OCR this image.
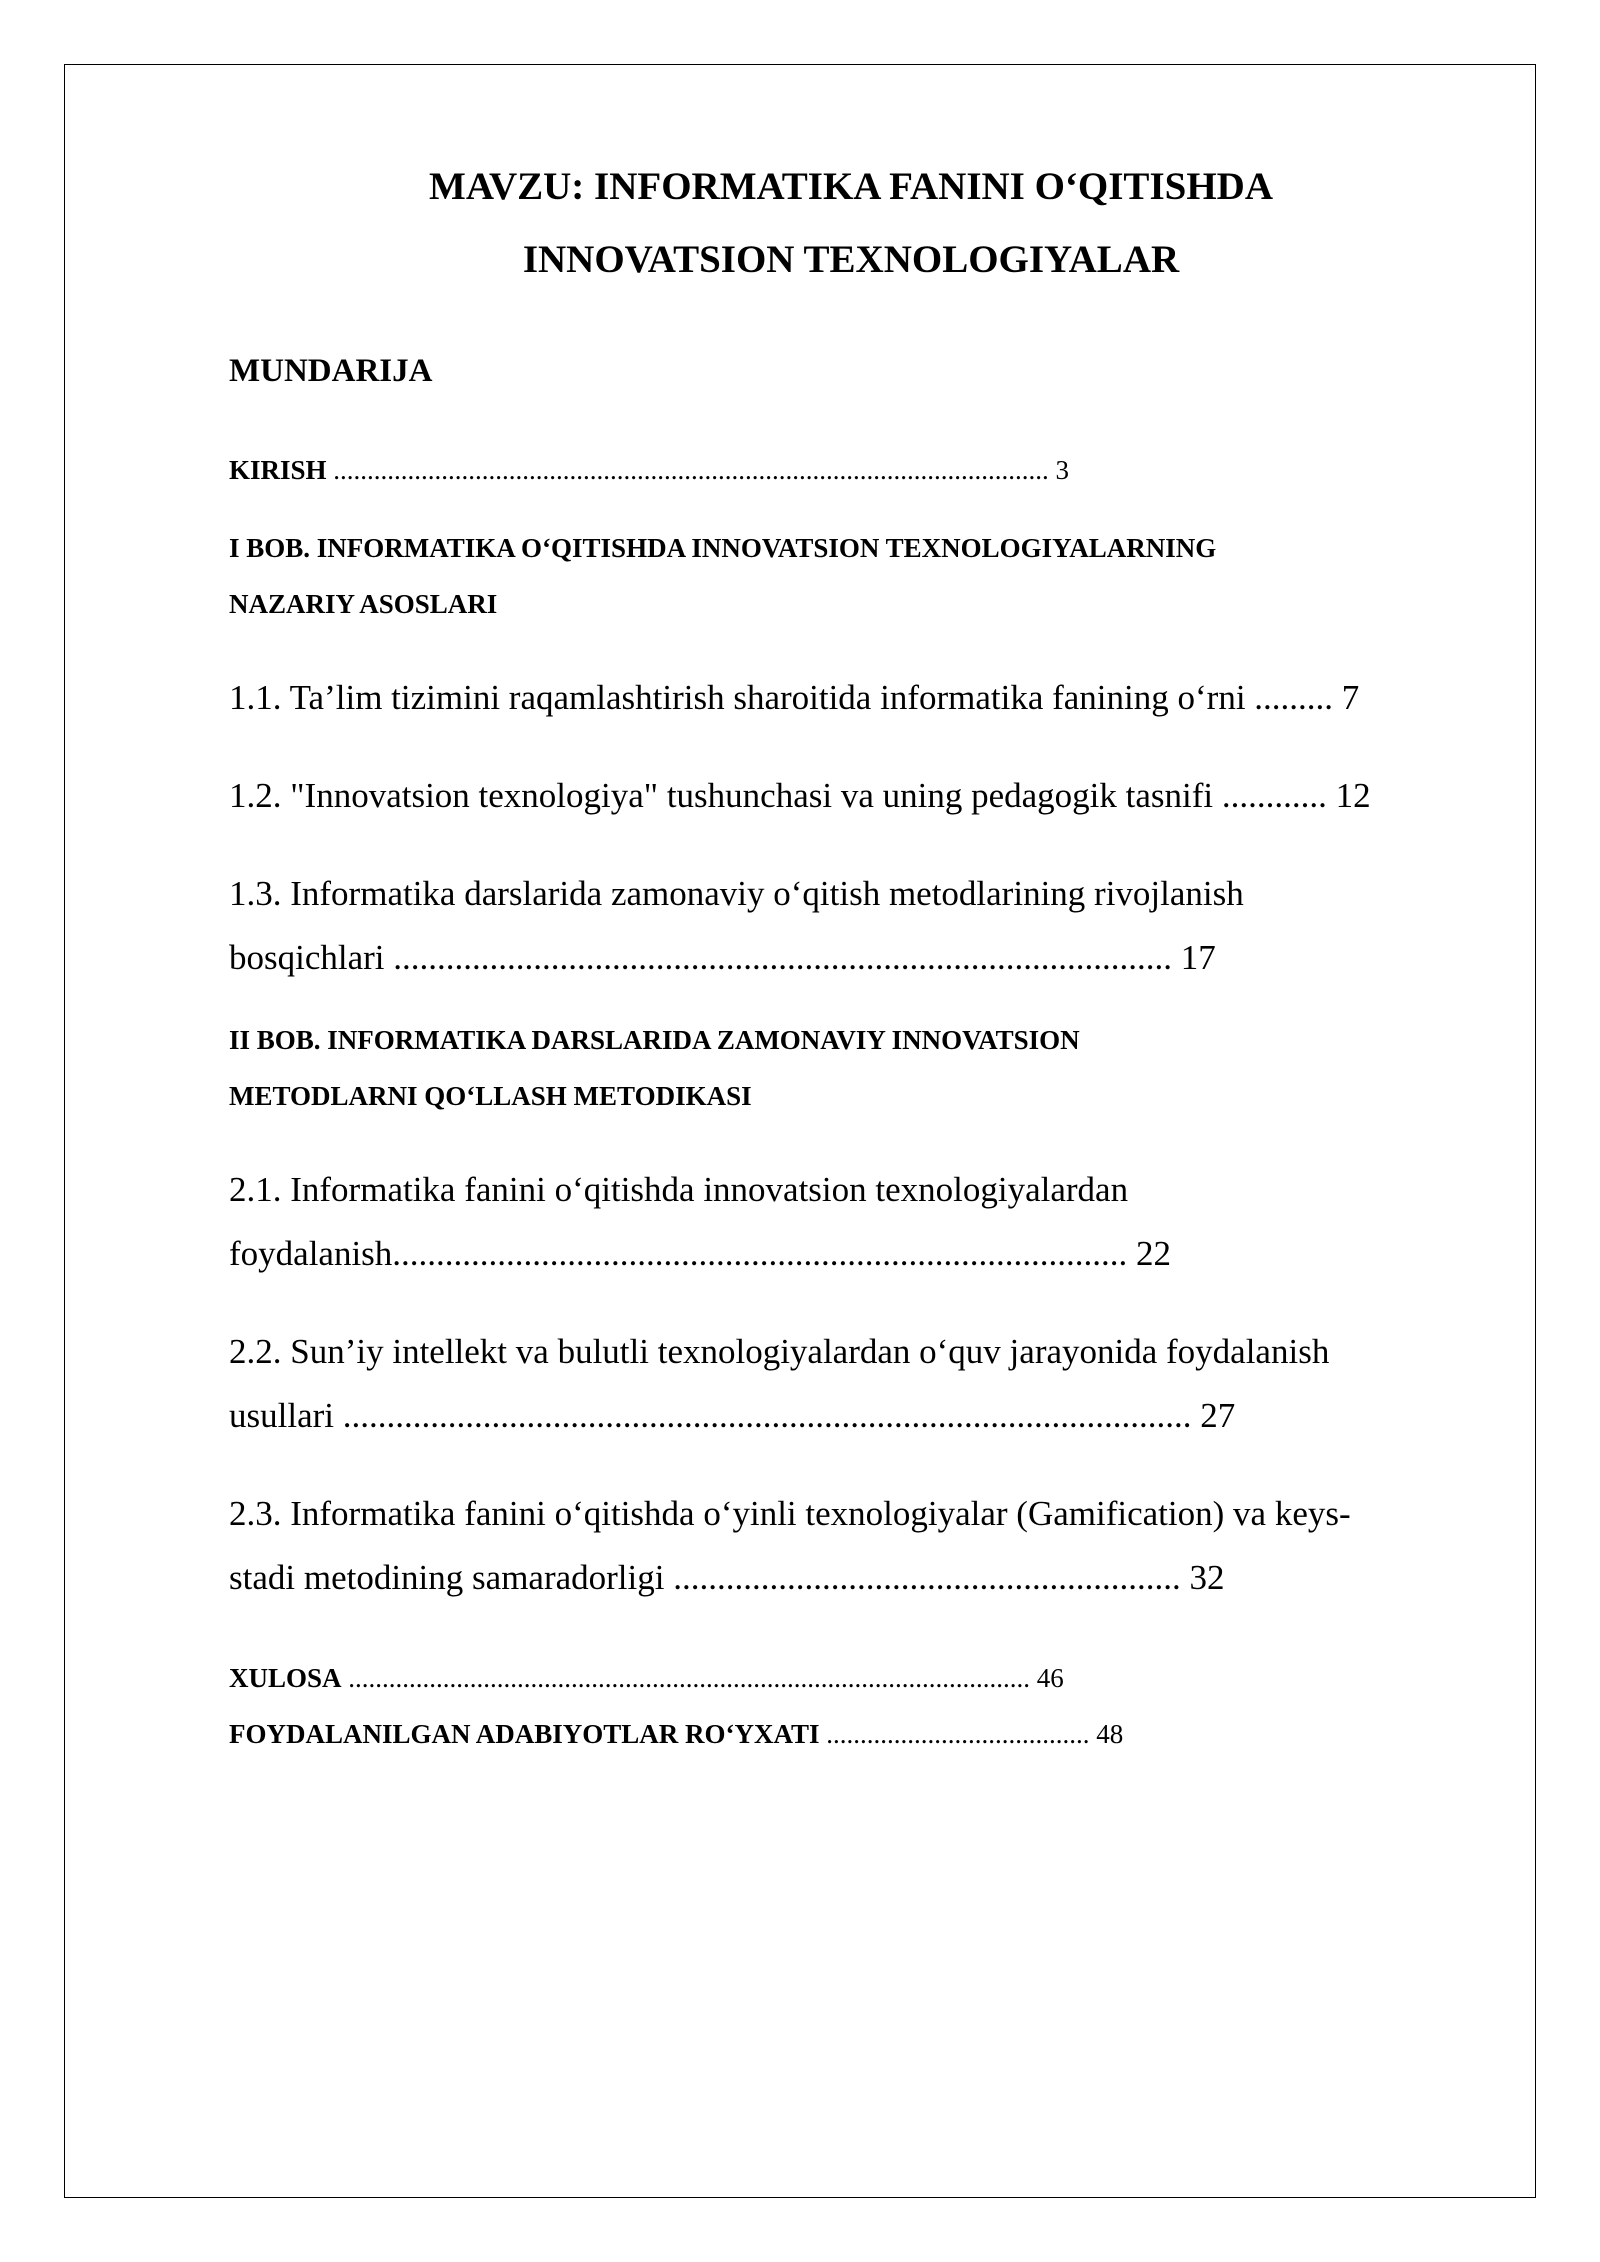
MAVZU: INFORMATIKA FANINI O‘QITISHDA
INNOVATSION TEXNOLOGIYALAR
MUNDARIJA
KIRISH .......................................................................................................... 3
I BOB. INFORMATIKA O‘QITISHDA INNOVATSION TEXNOLOGIYALARNING
NAZARIY ASOSLARI
1.1. Ta’lim tizimini raqamlashtirish sharoitida informatika fanining o‘rni ......... 7
1.2. "Innovatsion texnologiya" tushunchasi va uning pedagogik tasnifi ............ 12
1.3. Informatika darslarida zamonaviy o‘qitish metodlarining rivojlanish
bosqichlari ......................................................................................... 17
II BOB. INFORMATIKA DARSLARIDA ZAMONAVIY INNOVATSION
METODLARNI QO‘LLASH METODIKASI
2.1. Informatika fanini o‘qitishda innovatsion texnologiyalardan
foydalanish.................................................................................... 22
2.2. Sun’iy intellekt va bulutli texnologiyalardan o‘quv jarayonida foydalanish
usullari ................................................................................................. 27
2.3. Informatika fanini o‘qitishda o‘yinli texnologiyalar (Gamification) va keys-
stadi metodining samaradorligi .......................................................... 32
XULOSA ..................................................................................................... 46
FOYDALANILGAN ADABIYOTLAR RO‘YXATI ....................................... 48
